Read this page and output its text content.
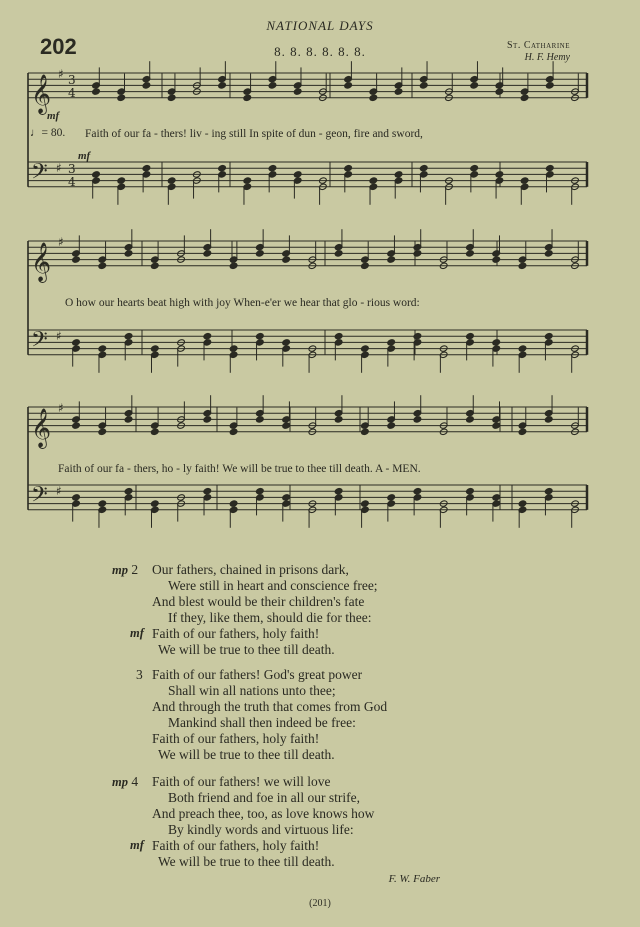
NATIONAL DAYS
202	8. 8. 8. 8. 8. 8.	St. Catharine
H. F. Hemy
𝄞 ♯ 3
4
𝄢 ♯ 3
4
𝄞 ♯
𝄢 ♯
𝄞 ♯
𝄢 ♯
mf
mf
♩= 80. Faith of our fa - thers! liv - ing still In spite of dun - geon, fire and sword,
O how our hearts beat high with joy When-e'er we hear that glo - rious word:
Faith of our fa - thers, ho - ly faith! We will be true to thee till death. A - MEN.
mp 2 Our fathers, chained in prisons dark,
Were still in heart and conscience free;
And blest would be their children's fate
If they, like them, should die for thee:
Faith of our fathers, holy faith!
mf
We will be true to thee till death.
3 Faith of our fathers! God's great power
Shall win all nations unto thee;
And through the truth that comes from God
Mankind shall then indeed be free:
Faith of our fathers, holy faith!
We will be true to thee till death.
mp 4 Faith of our fathers! we will love
Both friend and foe in all our strife,
And preach thee, too, as love knows how
By kindly words and virtuous life:
Faith of our fathers, holy faith!
mf
We will be true to thee till death.
F. W. Faber
(201)
